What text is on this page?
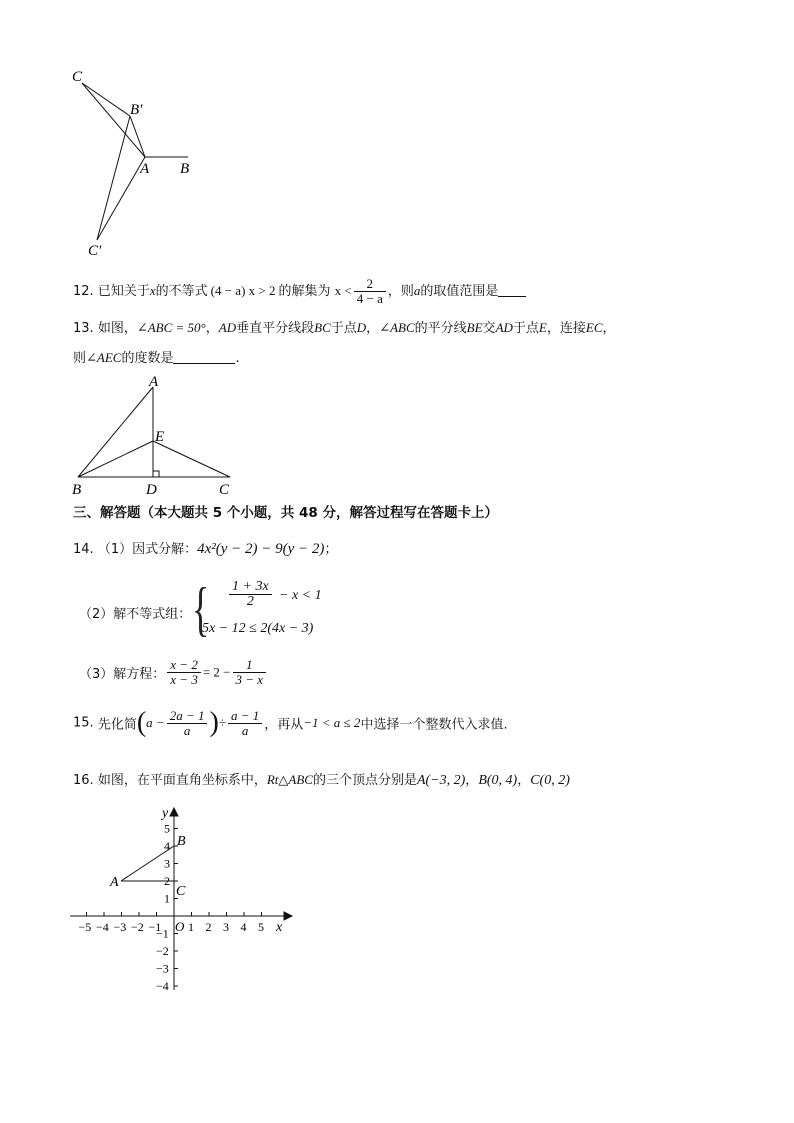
C
B′
A B
C′
12. 已知关于x的不等式 (4 − a) x > 2 的解集为 $x < \frac{2}{4 - a}$ ，则a的取值范围是
13. 如图，∠ABC = 50°，AD垂直平分线段BC于点D，∠ABC的平分线BE交AD于点E，连接EC，
则∠AEC的度数是	.
A
E
B	D	C
三、解答题（本大题共 5 个小题，共 48 分，解答过程写在答题卡上）
14. （1）因式分解：4x²(y − 2) − 9(y − 2)；
（2）解不等式组： { $\frac{1 + 3x}{2} - x < 1$
5x − 12 ≤ 2(4x − 3)
（3）解方程： $\frac{x - 2}{x - 3} = 2 - \frac{1}{3 - x}$
15. 先化简($a - \frac{2a - 1}{a}$ )÷ $\frac{a - 1}{a}$ ，再从−1 < a ≤ 2中选择一个整数代入求值.
16. 如图，在平面直角坐标系中，Rt△ABC的三个顶点分别是A(−3, 2)，B(0, 4)，C(0, 2)
1 2 3 4 5
−5 −4 −3 −2 −1
1
2
3
4
5
−1
−2
−3
−4
y
x
O
A
B
C
